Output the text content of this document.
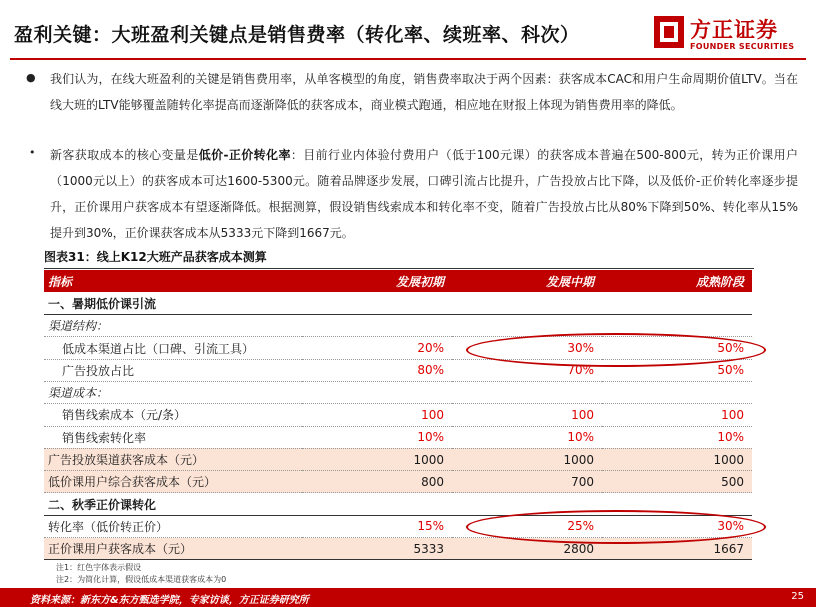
盈利关键：大班盈利关键点是销售费率（转化率、续班率、科次）	方正证券
FOUNDER SECURITIES
● 我们认为，在线大班盈利的关键是销售费用率，从单客模型的角度，销售费率取决于两个因素：获客成本CAC和用户生命周期价值LTV。当在线大班的LTV能够覆盖随转化率提高而逐渐降低的获客成本，商业模式跑通，相应地在财报上体现为销售费用率的降低。
• 新客获取成本的核心变量是低价-正价转化率：目前行业内体验付费用户（低于100元课）的获客成本普遍在500-800元，转为正价课用户（1000元以上）的获客成本可达1600-5300元。随着品牌逐步发展，口碑引流占比提升，广告投放占比下降，以及低价-正价转化率逐步提升，正价课用户获客成本有望逐渐降低。根据测算，假设销售线索成本和转化率不变，随着广告投放占比从80%下降到50%、转化率从15%提升到30%，正价课获客成本从5333元下降到1667元。
图表31：线上K12大班产品获客成本测算
指标	发展初期	发展中期	成熟阶段
一、暑期低价课引流			
渠道结构：			
低成本渠道占比（口碑、引流工具）	20%	30%	50%
广告投放占比	80%	70%	50%
渠道成本：			
销售线索成本（元/条）	100	100	100
销售线索转化率	10%	10%	10%
广告投放渠道获客成本（元）	1000	1000	1000
低价课用户综合获客成本（元）	800	700	500
二、秋季正价课转化			
转化率（低价转正价）	15%	25%	30%
正价课用户获客成本（元）	5333	2800	1667
注1：红色字体表示假设
注2：为简化计算，假设低成本渠道获客成本为0
资料来源：新东方&东方甄选学院，专家访谈，方正证券研究所	25
